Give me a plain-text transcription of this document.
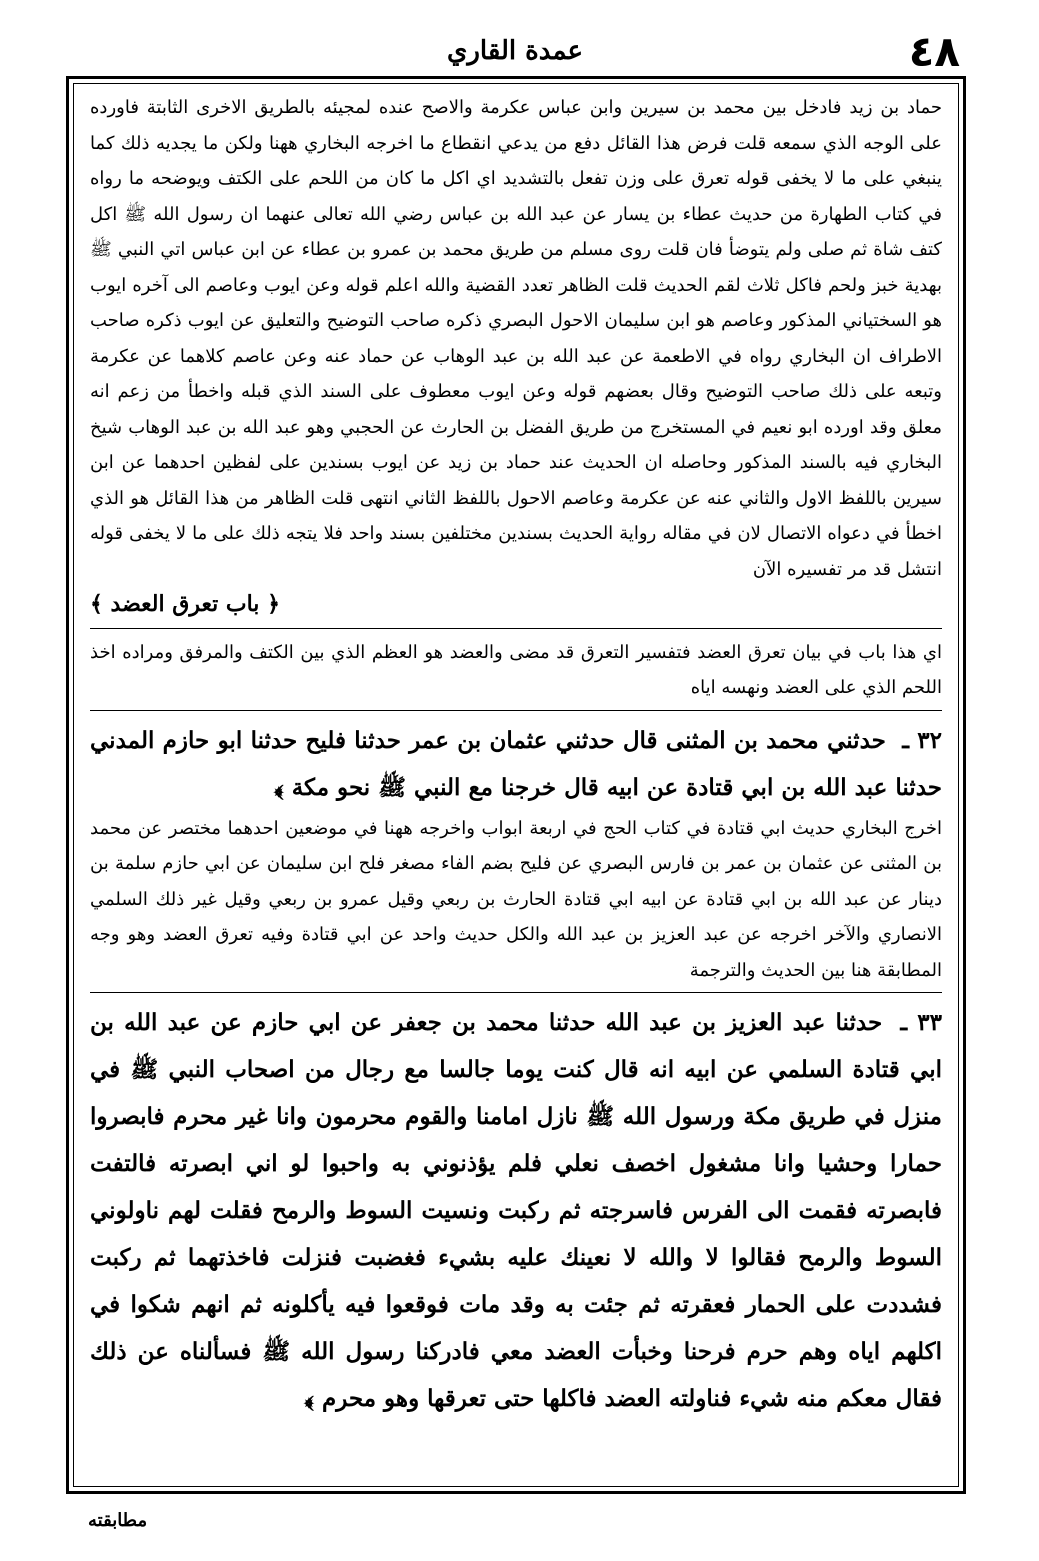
٤٨
عمدة القاري

حماد بن زيد فادخل بين محمد بن سيرين وابن عباس عكرمة والاصح عنده لمجيئه بالطريق الاخرى الثابتة فاورده على الوجه الذي سمعه قلت فرض هذا القائل دفع من يدعي انقطاع ما اخرجه البخاري ههنا ولكن ما يجديه ذلك كما ينبغي على ما لا يخفى قوله تعرق على وزن تفعل بالتشديد اي اكل ما كان من اللحم على الكتف ويوضحه ما رواه في كتاب الطهارة من حديث عطاء بن يسار عن عبد الله بن عباس رضي الله تعالى عنهما ان رسول الله ﷺ اكل كتف شاة ثم صلى ولم يتوضأ فان قلت روى مسلم من طريق محمد بن عمرو بن عطاء عن ابن عباس اتي النبي ﷺ بهدية خبز ولحم فاكل ثلاث لقم الحديث قلت الظاهر تعدد القضية والله اعلم قوله وعن ايوب وعاصم الى آخره ايوب هو السختياني المذكور وعاصم هو ابن سليمان الاحول البصري ذكره صاحب التوضيح والتعليق عن ايوب ذكره صاحب الاطراف ان البخاري رواه في الاطعمة عن عبد الله بن عبد الوهاب عن حماد عنه وعن عاصم كلاهما عن عكرمة وتبعه على ذلك صاحب التوضيح وقال بعضهم قوله وعن ايوب معطوف على السند الذي قبله واخطأ من زعم انه معلق وقد اورده ابو نعيم في المستخرج من طريق الفضل بن الحارث عن الحجبي وهو عبد الله بن عبد الوهاب شيخ البخاري فيه بالسند المذكور وحاصله ان الحديث عند حماد بن زيد عن ايوب بسندين على لفظين احدهما عن ابن سيرين باللفظ الاول والثاني عنه عن عكرمة وعاصم الاحول باللفظ الثاني انتهى قلت الظاهر من هذا القائل هو الذي اخطأ في دعواه الاتصال لان في مقاله رواية الحديث بسندين مختلفين بسند واحد فلا يتجه ذلك على ما لا يخفى قوله انتشل قد مر تفسيره الآن

﴿ باب تعرق العضد ﴾

اي هذا باب في بيان تعرق العضد فتفسير التعرق قد مضى والعضد هو العظم الذي بين الكتف والمرفق ومراده اخذ اللحم الذي على العضد ونهسه اياه

٣٢ ـ حدثني محمد بن المثنى قال حدثني عثمان بن عمر حدثنا فليح حدثنا ابو حازم المدني حدثنا عبد الله بن ابي قتادة عن ابيه قال خرجنا مع النبي ﷺ نحو مكة ﴾

اخرج البخاري حديث ابي قتادة في كتاب الحج في اربعة ابواب واخرجه ههنا في موضعين احدهما مختصر عن محمد بن المثنى عن عثمان بن عمر بن فارس البصري عن فليح بضم الفاء مصغر فلح ابن سليمان عن ابي حازم سلمة بن دينار عن عبد الله بن ابي قتادة عن ابيه ابي قتادة الحارث بن ربعي وقيل عمرو بن ربعي وقيل غير ذلك السلمي الانصاري والآخر اخرجه عن عبد العزيز بن عبد الله والكل حديث واحد عن ابي قتادة وفيه تعرق العضد وهو وجه المطابقة هنا بين الحديث والترجمة

٣٣ ـ حدثنا عبد العزيز بن عبد الله حدثنا محمد بن جعفر عن ابي حازم عن عبد الله بن ابي قتادة السلمي عن ابيه انه قال كنت يوما جالسا مع رجال من اصحاب النبي ﷺ في منزل في طريق مكة ورسول الله ﷺ نازل امامنا والقوم محرمون وانا غير محرم فابصروا حمارا وحشيا وانا مشغول اخصف نعلي فلم يؤذنوني به واحبوا لو اني ابصرته فالتفت فابصرته فقمت الى الفرس فاسرجته ثم ركبت ونسيت السوط والرمح فقلت لهم ناولوني السوط والرمح فقالوا لا والله لا نعينك عليه بشيء فغضبت فنزلت فاخذتهما ثم ركبت فشددت على الحمار فعقرته ثم جئت به وقد مات فوقعوا فيه يأكلونه ثم انهم شكوا في اكلهم اياه وهم حرم فرحنا وخبأت العضد معي فادركنا رسول الله ﷺ فسألناه عن ذلك فقال معكم منه شيء فناولته العضد فاكلها حتى تعرقها وهو محرم ﴾

مطابقته
